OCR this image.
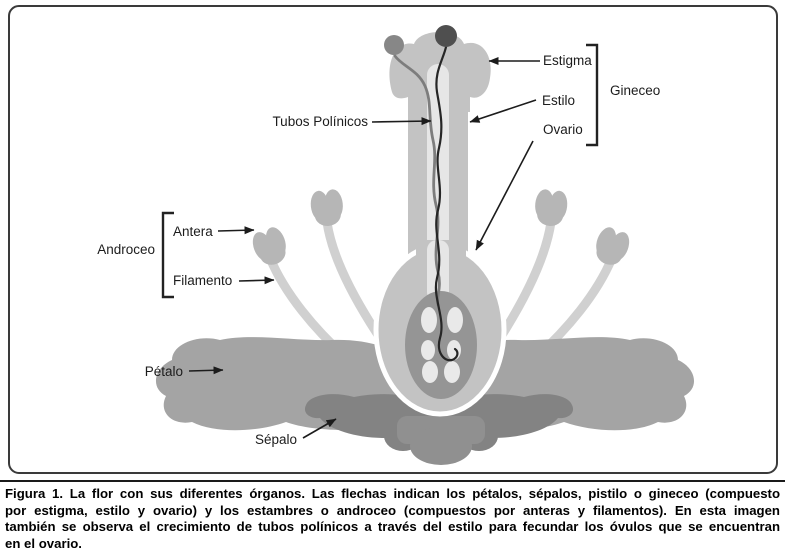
Tubos Polínicos
Estigma
Estilo
Ovario
Gineceo
Androceo
Antera
Filamento
Pétalo
Sépalo
Figura 1. La flor con sus diferentes órganos. Las flechas indican los pétalos, sépalos, pistilo o gineceo (compuesto
por estigma, estilo y ovario) y los estambres o androceo (compuestos por anteras y filamentos). En esta imagen
también se observa el crecimiento de tubos polínicos a través del estilo para fecundar los óvulos que se encuentran
en el ovario.
